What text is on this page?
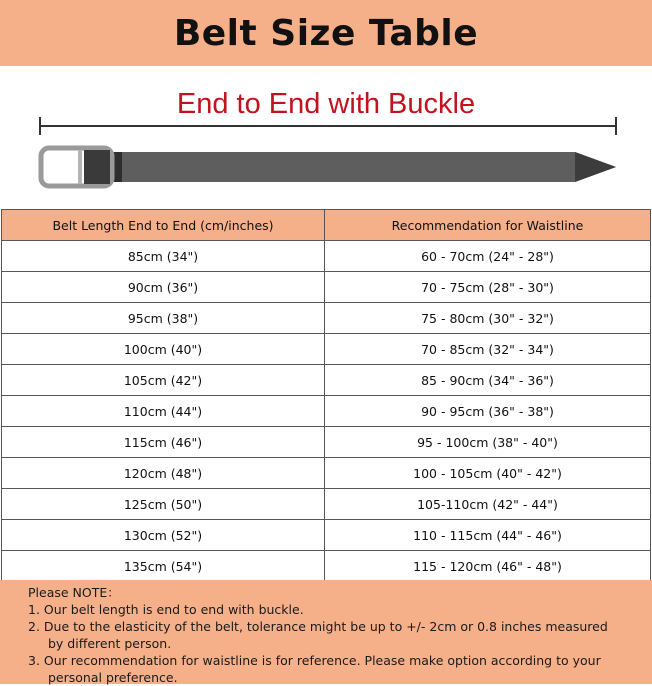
Belt Size Table
End to End with Buckle
Belt Length End to End (cm/inches)	Recommendation for Waistline
85cm (34")	60 - 70cm (24" - 28")
90cm (36")	70 - 75cm (28" - 30")
95cm (38")	75 - 80cm (30" - 32")
100cm (40")	70 - 85cm (32" - 34")
105cm (42")	85 - 90cm (34" - 36")
110cm (44")	90 - 95cm (36" - 38")
115cm (46")	95 - 100cm (38" - 40")
120cm (48")	100 - 105cm (40" - 42")
125cm (50")	105-110cm (42" - 44")
130cm (52")	110 - 115cm (44" - 46")
135cm (54")	115 - 120cm (46" - 48")
Please NOTE：
1. Our belt length is end to end with buckle.
2. Due to the elasticity of the belt, tolerance might be up to +/- 2cm or 0.8 inches measured
by different person.
3. Our recommendation for waistline is for reference. Please make option according to your
personal preference.
